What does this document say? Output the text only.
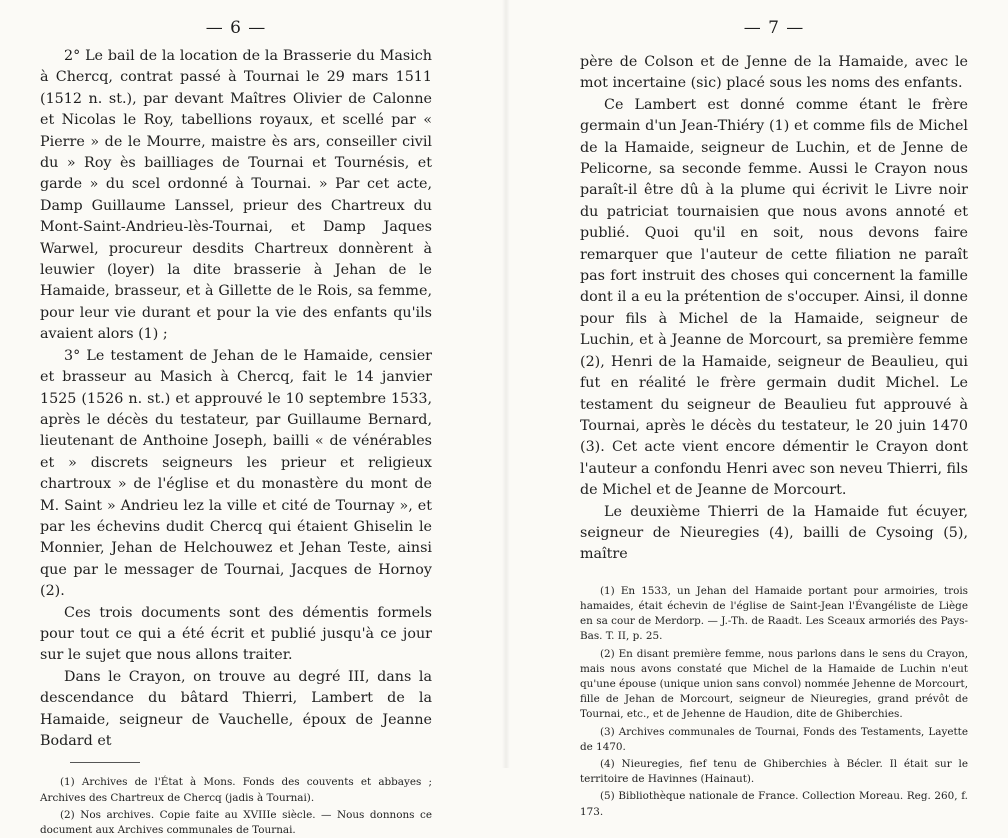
— 6 —

2° Le bail de la location de la Brasserie du Masich à Chercq, contrat passé à Tournai le 29 mars 1511 (1512 n. st.), par devant Maîtres Olivier de Calonne et Nicolas le Roy, tabellions royaux, et scellé par « Pierre » de le Mourre, maistre ès ars, conseiller civil du » Roy ès bailliages de Tournai et Tournésis, et garde » du scel ordonné à Tournai. » Par cet acte, Damp Guillaume Lanssel, prieur des Chartreux du Mont-Saint-Andrieu-lès-Tournai, et Damp Jaques Warwel, procureur desdits Chartreux donnèrent à leuwier (loyer) la dite brasserie à Jehan de le Hamaide, brasseur, et à Gillette de le Rois, sa femme, pour leur vie durant et pour la vie des enfants qu'ils avaient alors (1) ;

3° Le testament de Jehan de le Hamaide, censier et brasseur au Masich à Chercq, fait le 14 janvier 1525 (1526 n. st.) et approuvé le 10 septembre 1533, après le décès du testateur, par Guillaume Bernard, lieutenant de Anthoine Joseph, bailli « de vénérables et » discrets seigneurs les prieur et religieux chartroux » de l'église et du monastère du mont de M. Saint » Andrieu lez la ville et cité de Tournay », et par les échevins dudit Chercq qui étaient Ghiselin le Monnier, Jehan de Helchouwez et Jehan Teste, ainsi que par le messager de Tournai, Jacques de Hornoy (2).

Ces trois documents sont des démentis formels pour tout ce qui a été écrit et publié jusqu'à ce jour sur le sujet que nous allons traiter.

Dans le Crayon, on trouve au degré III, dans la descendance du bâtard Thierri, Lambert de la Hamaide, seigneur de Vauchelle, époux de Jeanne Bodard et

(1) Archives de l'État à Mons. Fonds des couvents et abbayes ; Archives des Chartreux de Chercq (jadis à Tournai).

(2) Nos archives. Copie faite au XVIIIe siècle. — Nous donnons ce document aux Archives communales de Tournai.

— 7 —

père de Colson et de Jenne de la Hamaide, avec le mot incertaine (sic) placé sous les noms des enfants.

Ce Lambert est donné comme étant le frère germain d'un Jean-Thiéry (1) et comme fils de Michel de la Hamaide, seigneur de Luchin, et de Jenne de Pelicorne, sa seconde femme. Aussi le Crayon nous paraît-il être dû à la plume qui écrivit le Livre noir du patriciat tournaisien que nous avons annoté et publié. Quoi qu'il en soit, nous devons faire remarquer que l'auteur de cette filiation ne paraît pas fort instruit des choses qui concernent la famille dont il a eu la prétention de s'occuper. Ainsi, il donne pour fils à Michel de la Hamaide, seigneur de Luchin, et à Jeanne de Morcourt, sa première femme (2), Henri de la Hamaide, seigneur de Beaulieu, qui fut en réalité le frère germain dudit Michel. Le testament du seigneur de Beaulieu fut approuvé à Tournai, après le décès du testateur, le 20 juin 1470 (3). Cet acte vient encore démentir le Crayon dont l'auteur a confondu Henri avec son neveu Thierri, fils de Michel et de Jeanne de Morcourt.

Le deuxième Thierri de la Hamaide fut écuyer, seigneur de Nieuregies (4), bailli de Cysoing (5), maître

(1) En 1533, un Jehan del Hamaide portant pour armoiries, trois hamaides, était échevin de l'église de Saint-Jean l'Évangéliste de Liège en sa cour de Merdorp. — J.-Th. de Raadt. Les Sceaux armoriés des Pays-Bas. T. II, p. 25.

(2) En disant première femme, nous parlons dans le sens du Crayon, mais nous avons constaté que Michel de la Hamaide de Luchin n'eut qu'une épouse (unique union sans convol) nommée Jehenne de Morcourt, fille de Jehan de Morcourt, seigneur de Nieuregies, grand prévôt de Tournai, etc., et de Jehenne de Haudion, dite de Ghiberchies.

(3) Archives communales de Tournai, Fonds des Testaments, Layette de 1470.

(4) Nieuregies, fief tenu de Ghiberchies à Bécler. Il était sur le territoire de Havinnes (Hainaut).

(5) Bibliothèque nationale de France. Collection Moreau. Reg. 260, f. 173.
